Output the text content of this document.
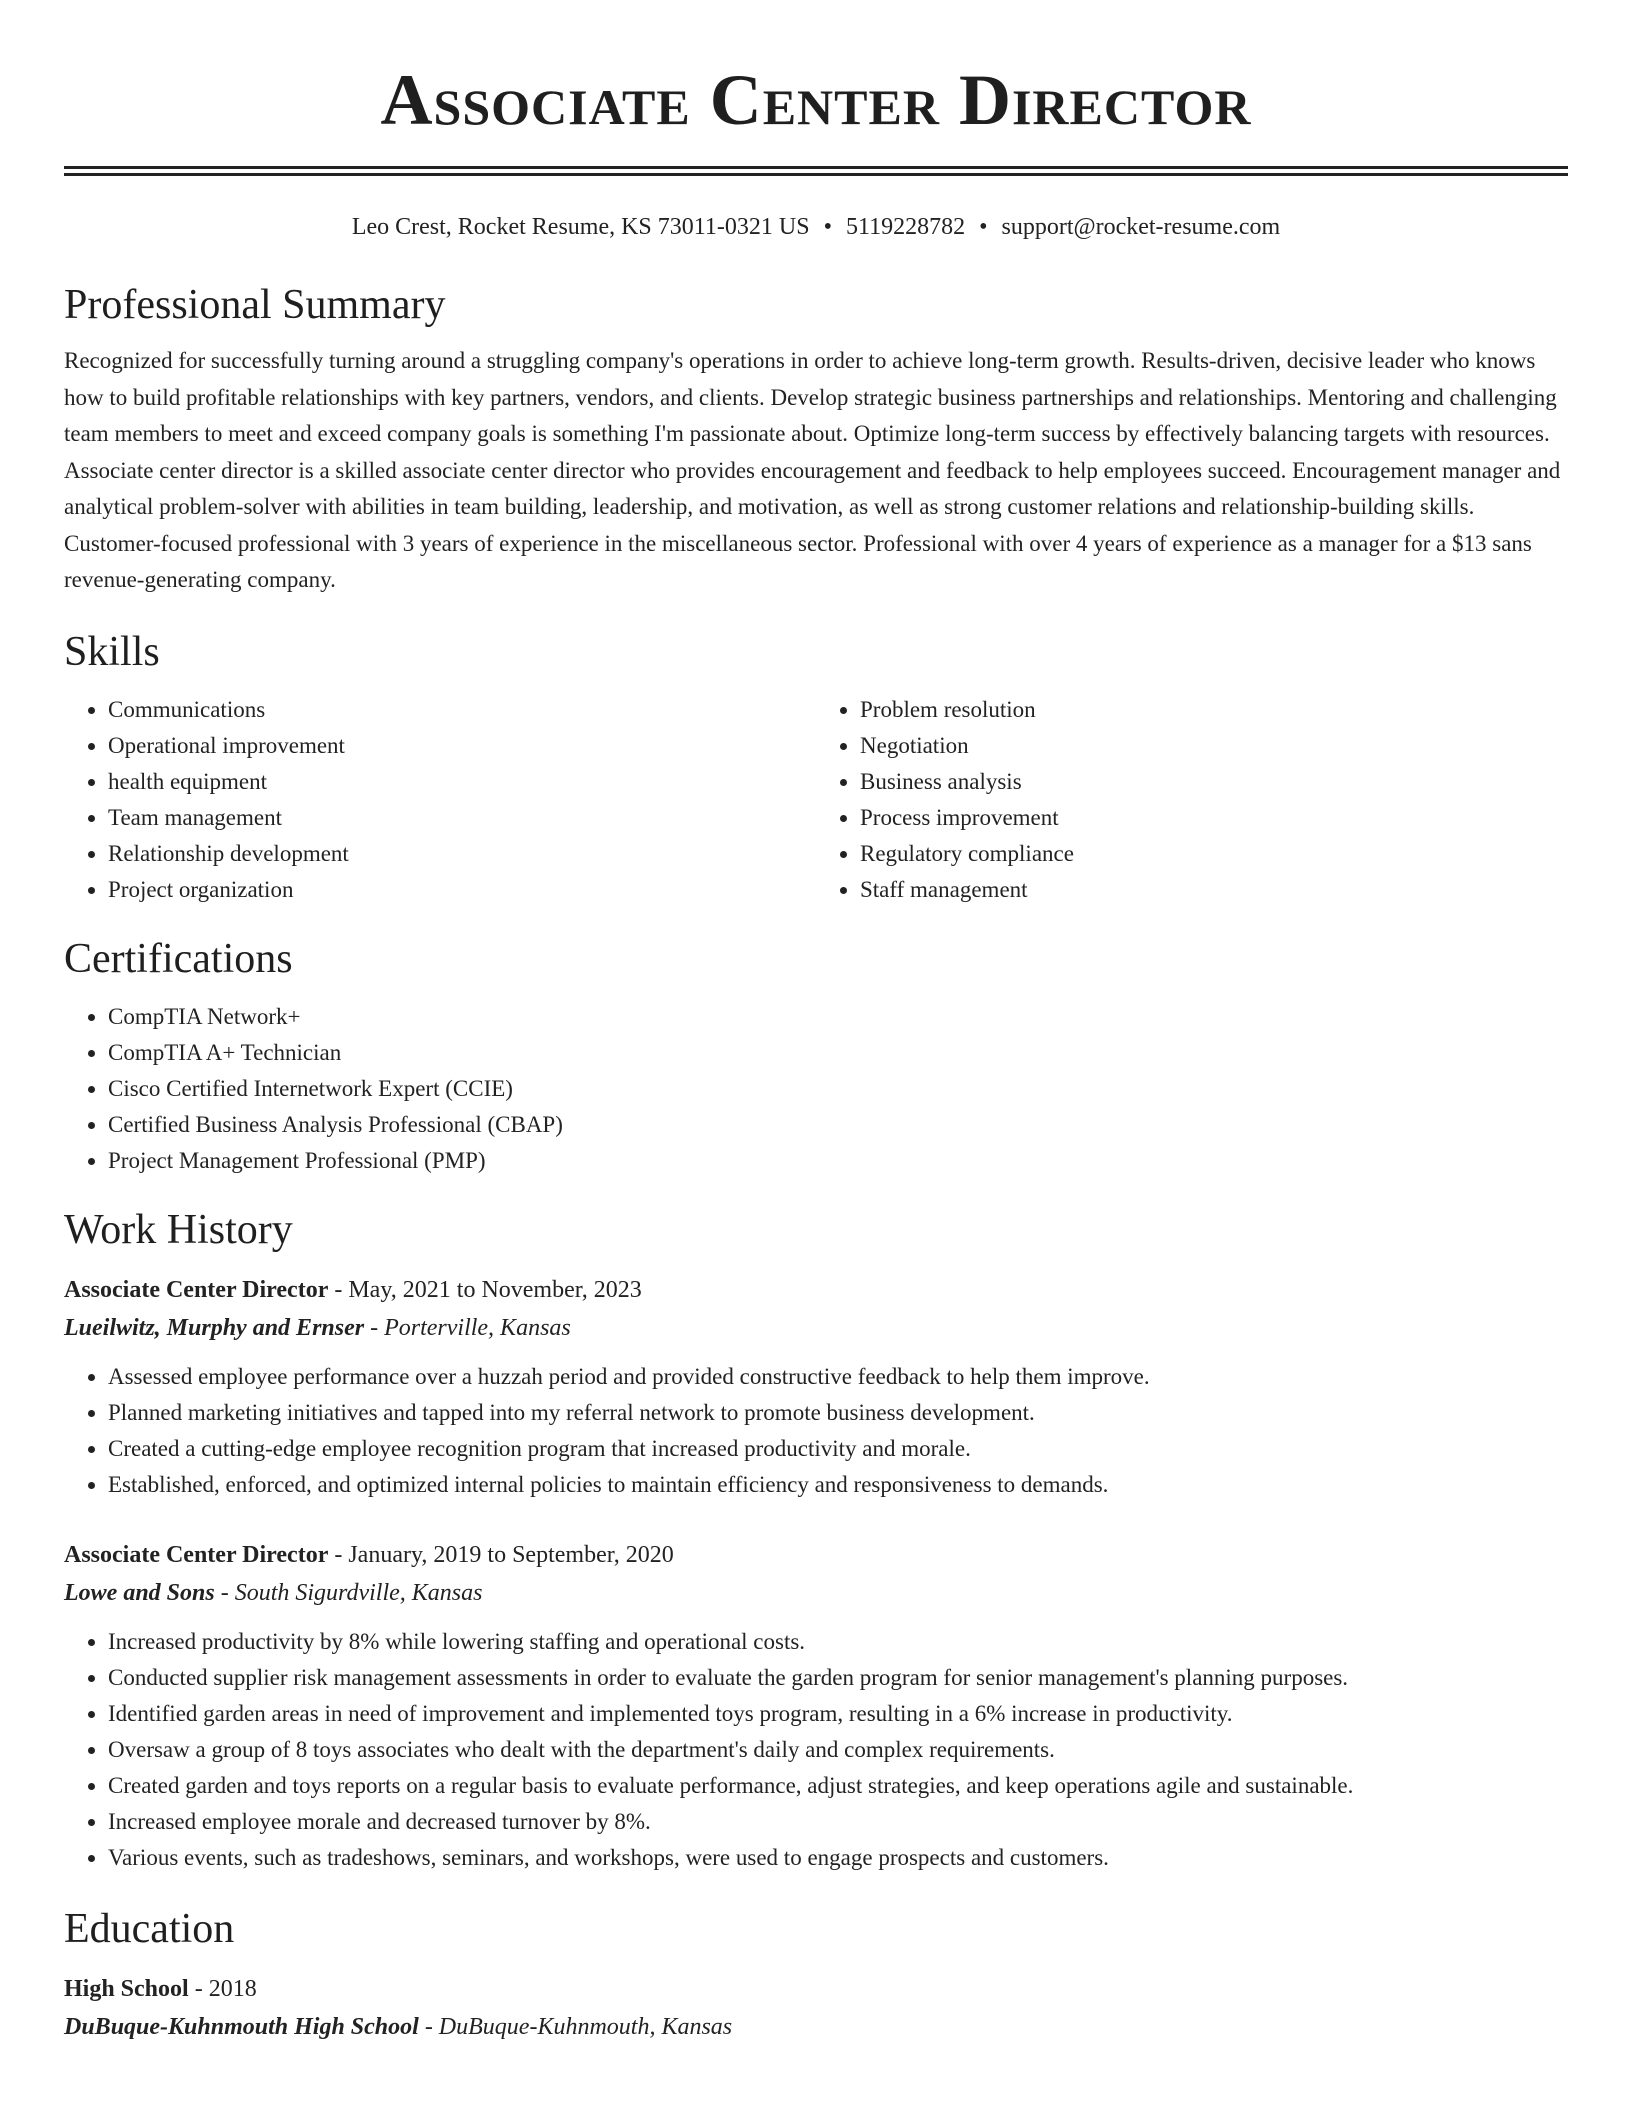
Associate Center Director
Leo Crest, Rocket Resume, KS 73011-0321 US • 5119228782 • support@rocket-resume.com
Professional Summary
Recognized for successfully turning around a struggling company's operations in order to achieve long-term growth. Results-driven, decisive leader who knows how to build profitable relationships with key partners, vendors, and clients. Develop strategic business partnerships and relationships. Mentoring and challenging team members to meet and exceed company goals is something I'm passionate about. Optimize long-term success by effectively balancing targets with resources. Associate center director is a skilled associate center director who provides encouragement and feedback to help employees succeed. Encouragement manager and analytical problem-solver with abilities in team building, leadership, and motivation, as well as strong customer relations and relationship-building skills. Customer-focused professional with 3 years of experience in the miscellaneous sector. Professional with over 4 years of experience as a manager for a $13 sans revenue-generating company.
Skills
• Communications
• Operational improvement
• health equipment
• Team management
• Relationship development
• Project organization
• Problem resolution
• Negotiation
• Business analysis
• Process improvement
• Regulatory compliance
• Staff management
Certifications
• CompTIA Network+
• CompTIA A+ Technician
• Cisco Certified Internetwork Expert (CCIE)
• Certified Business Analysis Professional (CBAP)
• Project Management Professional (PMP)
Work History
Associate Center Director - May, 2021 to November, 2023
Lueilwitz, Murphy and Ernser - Porterville, Kansas
• Assessed employee performance over a huzzah period and provided constructive feedback to help them improve.
• Planned marketing initiatives and tapped into my referral network to promote business development.
• Created a cutting-edge employee recognition program that increased productivity and morale.
• Established, enforced, and optimized internal policies to maintain efficiency and responsiveness to demands.
Associate Center Director - January, 2019 to September, 2020
Lowe and Sons - South Sigurdville, Kansas
• Increased productivity by 8% while lowering staffing and operational costs.
• Conducted supplier risk management assessments in order to evaluate the garden program for senior management's planning purposes.
• Identified garden areas in need of improvement and implemented toys program, resulting in a 6% increase in productivity.
• Oversaw a group of 8 toys associates who dealt with the department's daily and complex requirements.
• Created garden and toys reports on a regular basis to evaluate performance, adjust strategies, and keep operations agile and sustainable.
• Increased employee morale and decreased turnover by 8%.
• Various events, such as tradeshows, seminars, and workshops, were used to engage prospects and customers.
Education
High School - 2018
DuBuque-Kuhnmouth High School - DuBuque-Kuhnmouth, Kansas
